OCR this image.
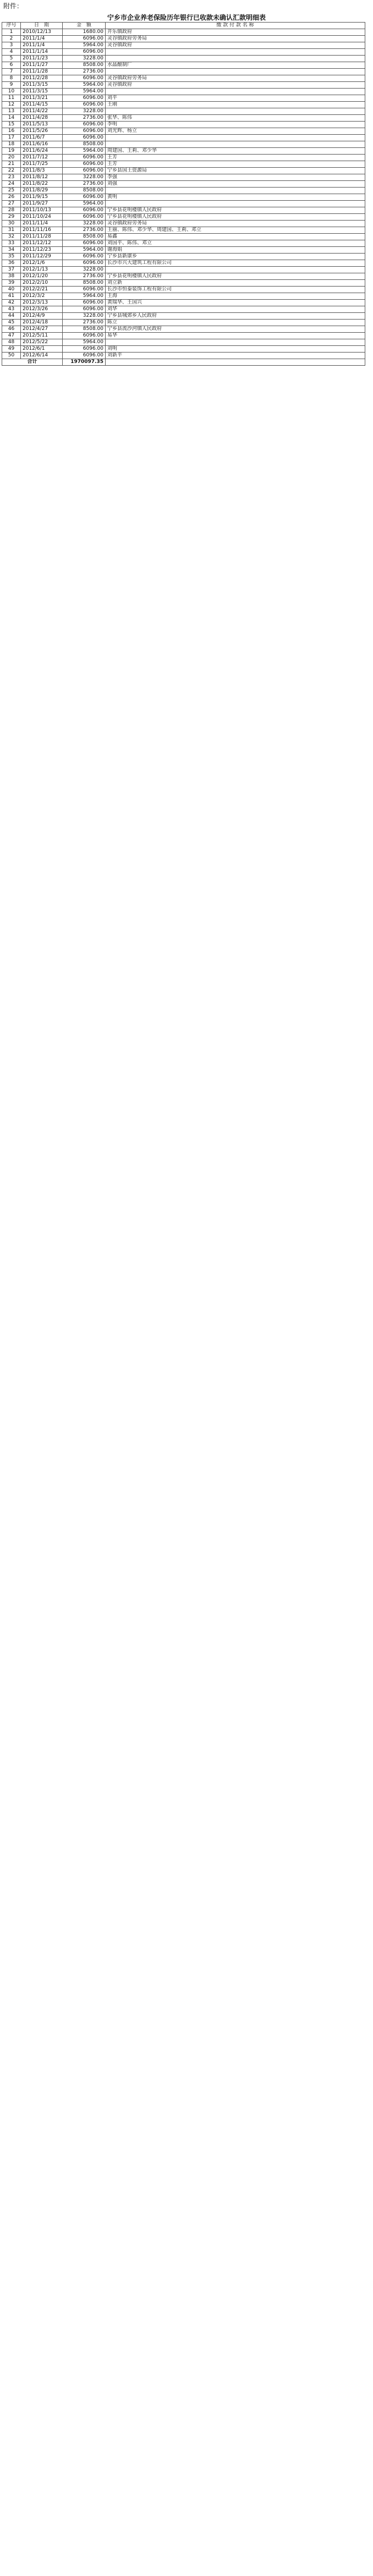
附件：
宁乡市企业养老保险历年银行已收款未确认汇款明细表
序号	日　期	金　额	缴 款 付 款 名 称
1	2010/12/13	1680.00	开乐镇政府
2	2011/1/4	6096.00	灵谷镇政府劳务局
3	2011/1/4	5964.00	灵谷镇政府
4	2011/1/14	6096.00	
5	2011/1/23	3228.00	
6	2011/1/27	8508.00	水晶酿制厂
7	2011/1/28	2736.00	
8	2011/2/28	6096.00	灵谷镇政府劳务局
9	2011/3/15	5964.00	灵谷镇政府
10	2011/3/15	5964.00	
11	2011/3/21	6096.00	刘平
12	2011/4/15	6096.00	王刚
13	2011/4/22	3228.00	
14	2011/4/28	2736.00	张华、陈伟
15	2011/5/13	6096.00	李明
16	2011/5/26	6096.00	刘光辉、杨立
17	2011/6/7	6096.00	
18	2011/6/16	8508.00	
19	2011/6/24	5964.00	周建国、王莉、邓少华
20	2011/7/12	6096.00	王芳
21	2011/7/25	6096.00	王芳
22	2011/8/3	6096.00	宁乡县国土资源局
23	2011/8/12	3228.00	李强
24	2011/8/22	2736.00	刘强
25	2011/8/29	8508.00	
26	2011/9/15	6096.00	黄明
27	2011/9/27	5964.00	
28	2011/10/13	6096.00	宁乡县花明楼镇人民政府
29	2011/10/24	6096.00	宁乡县花明楼镇人民政府
30	2011/11/4	3228.00	灵谷镇政府劳务局
31	2011/11/16	2736.00	王丽、陈伟、邓少华、周建国、王莉、邓立
32	2011/11/28	8508.00	易鑫
33	2011/12/12	6096.00	刘国平、陈伟、邓立
34	2011/12/23	5964.00	谢海娟
35	2011/12/29	6096.00	宁乡县新康乡
36	2012/1/6	6096.00	长沙市兴大建筑工程有限公司
37	2012/1/13	3228.00	
38	2012/1/20	2736.00	宁乡县花明楼镇人民政府
39	2012/2/10	8508.00	刘立新
40	2012/2/21	6096.00	长沙市恒泰装饰工程有限公司
41	2012/3/2	5964.00	王海
42	2012/3/13	6096.00	黄瑞华、王国兴
43	2012/3/26	6096.00	刘华
44	2012/4/9	3228.00	宁乡县城郊乡人民政府
45	2012/4/18	2736.00	陈立
46	2012/4/27	8508.00	宁乡县流沙河镇人民政府
47	2012/5/11	6096.00	易华
48	2012/5/22	5964.00	
49	2012/6/1	6096.00	刘明
50	2012/6/14	6096.00	刘新平
合计		1970097.35	
